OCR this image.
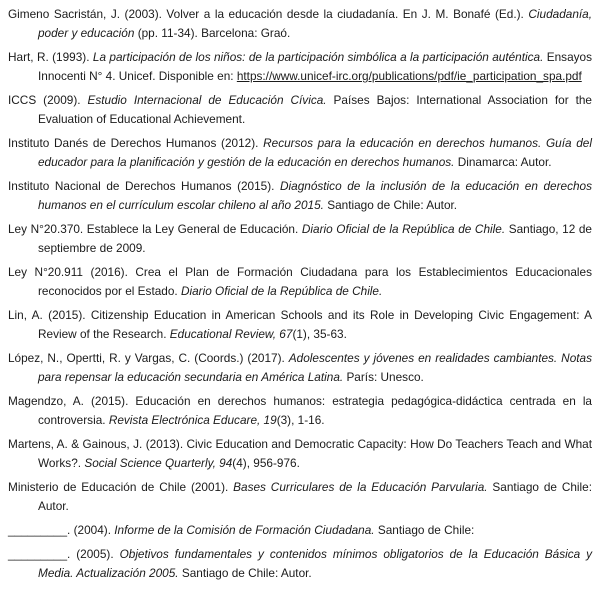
Gimeno Sacristán, J. (2003). Volver a la educación desde la ciudadanía. En J. M. Bonafé (Ed.). Ciudadanía, poder y educación (pp. 11-34). Barcelona: Graó.

Hart, R. (1993). La participación de los niños: de la participación simbólica a la participación auténtica. Ensayos Innocenti N° 4. Unicef. Disponible en: https://www.unicef-irc.org/publications/pdf/ie_participation_spa.pdf

ICCS (2009). Estudio Internacional de Educación Cívica. Países Bajos: International Association for the Evaluation of Educational Achievement.

Instituto Danés de Derechos Humanos (2012). Recursos para la educación en derechos humanos. Guía del educador para la planificación y gestión de la educación en derechos humanos. Dinamarca: Autor.

Instituto Nacional de Derechos Humanos (2015). Diagnóstico de la inclusión de la educación en derechos humanos en el currículum escolar chileno al año 2015. Santiago de Chile: Autor.

Ley N°20.370. Establece la Ley General de Educación. Diario Oficial de la República de Chile. Santiago, 12 de septiembre de 2009.

Ley N°20.911 (2016). Crea el Plan de Formación Ciudadana para los Establecimientos Educacionales reconocidos por el Estado. Diario Oficial de la República de Chile.

Lin, A. (2015). Citizenship Education in American Schools and its Role in Developing Civic Engagement: A Review of the Research. Educational Review, 67(1), 35-63.

López, N., Opertti, R. y Vargas, C. (Coords.) (2017). Adolescentes y jóvenes en realidades cambiantes. Notas para repensar la educación secundaria en América Latina. París: Unesco.

Magendzo, A. (2015). Educación en derechos humanos: estrategia pedagógica-didáctica centrada en la controversia. Revista Electrónica Educare, 19(3), 1-16.

Martens, A. & Gainous, J. (2013). Civic Education and Democratic Capacity: How Do Teachers Teach and What Works?. Social Science Quarterly, 94(4), 956-976.

Ministerio de Educación de Chile (2001). Bases Curriculares de la Educación Parvularia. Santiago de Chile: Autor.

_________. (2004). Informe de la Comisión de Formación Ciudadana. Santiago de Chile:

_________. (2005). Objetivos fundamentales y contenidos mínimos obligatorios de la Educación Básica y Media. Actualización 2005. Santiago de Chile: Autor.
